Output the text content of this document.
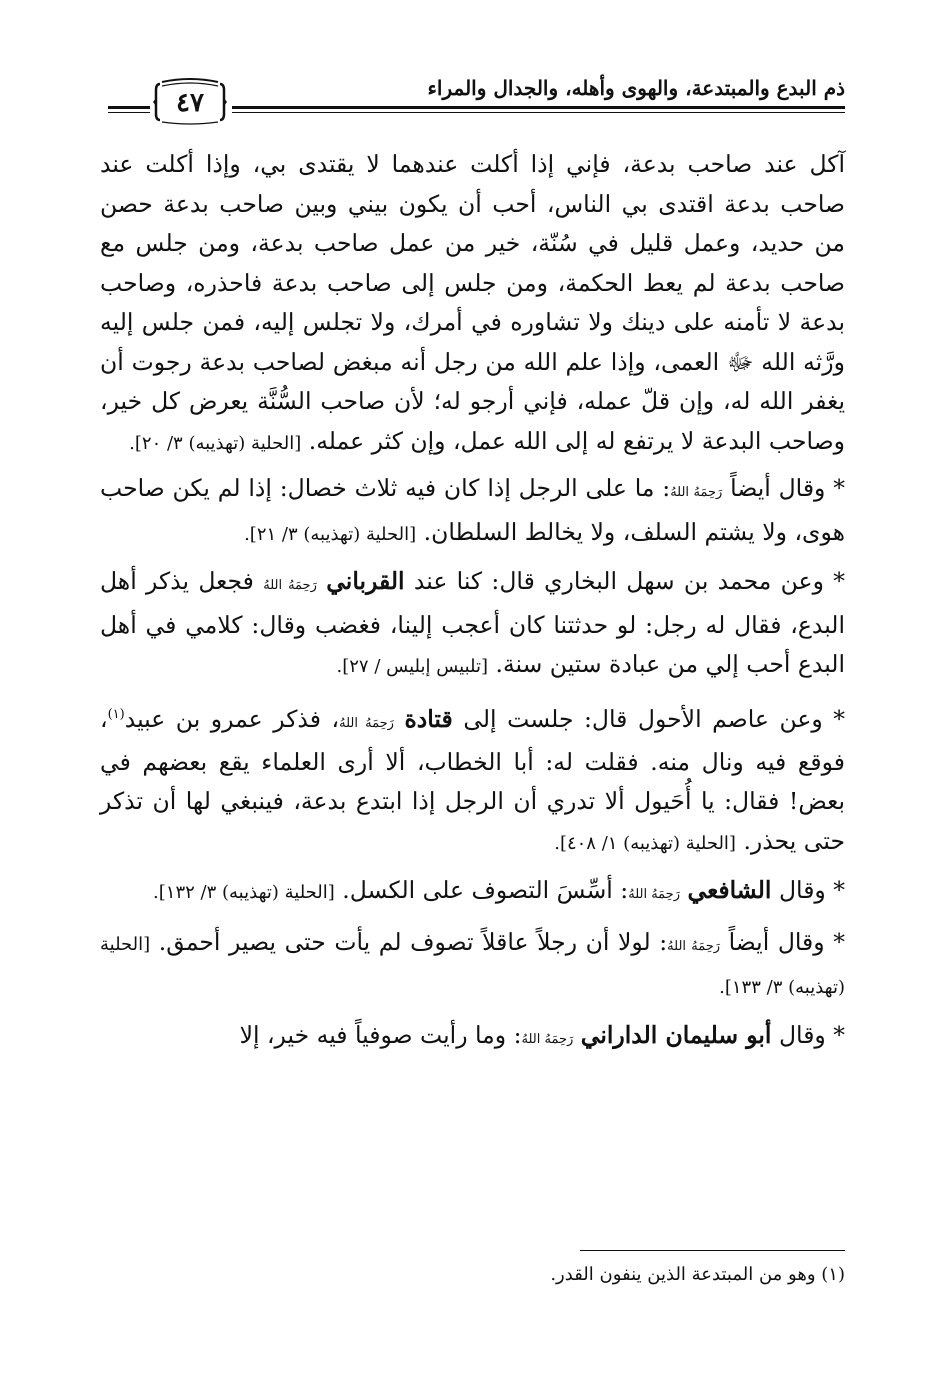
ذم البدع والمبتدعة، والهوى وأهله، والجدال والمراء
٤٧

آكل عند صاحب بدعة، فإني إذا أكلت عندهما لا يقتدى بي، وإذا أكلت عند صاحب بدعة اقتدى بي الناس، أحب أن يكون بيني وبين صاحب بدعة حصن من حديد، وعمل قليل في سُنّة، خير من عمل صاحب بدعة، ومن جلس مع صاحب بدعة لم يعط الحكمة، ومن جلس إلى صاحب بدعة فاحذره، وصاحب بدعة لا تأمنه على دينك ولا تشاوره في أمرك، ولا تجلس إليه، فمن جلس إليه ورَّثه الله ﷻ العمى، وإذا علم الله من رجل أنه مبغض لصاحب بدعة رجوت أن يغفر الله له، وإن قلّ عمله، فإني أرجو له؛ لأن صاحب السُّنَّة يعرض كل خير، وصاحب البدعة لا يرتفع له إلى الله عمل، وإن كثر عمله. [الحلية (تهذيبه) ٣/ ٢٠].

* وقال أيضاً رَحِمَهُ اللهُ: ما على الرجل إذا كان فيه ثلاث خصال: إذا لم يكن صاحب هوى، ولا يشتم السلف، ولا يخالط السلطان. [الحلية (تهذيبه) ٣/ ٢١].

* وعن محمد بن سهل البخاري قال: كنا عند القرباني رَحِمَهُ اللهُ فجعل يذكر أهل البدع، فقال له رجل: لو حدثتنا كان أعجب إلينا، فغضب وقال: كلامي في أهل البدع أحب إلي من عبادة ستين سنة. [تلبيس إبليس / ٢٧].

* وعن عاصم الأحول قال: جلست إلى قتادة رَحِمَهُ اللهُ، فذكر عمرو بن عبيد$^{(١)}$، فوقع فيه ونال منه. فقلت له: أبا الخطاب، ألا أرى العلماء يقع بعضهم في بعض! فقال: يا أُحَيول ألا تدري أن الرجل إذا ابتدع بدعة، فينبغي لها أن تذكر حتى يحذر. [الحلية (تهذيبه) ١/ ٤٠٨].

* وقال الشافعي رَحِمَهُ اللهُ: أسِّسَ التصوف على الكسل. [الحلية (تهذيبه) ٣/ ١٣٢].

* وقال أيضاً رَحِمَهُ اللهُ: لولا أن رجلاً عاقلاً تصوف لم يأت حتى يصير أحمق. [الحلية (تهذيبه) ٣/ ١٣٣].

* وقال أبو سليمان الداراني رَحِمَهُ اللهُ: وما رأيت صوفياً فيه خير، إلا

(١) وهو من المبتدعة الذين ينفون القدر.
